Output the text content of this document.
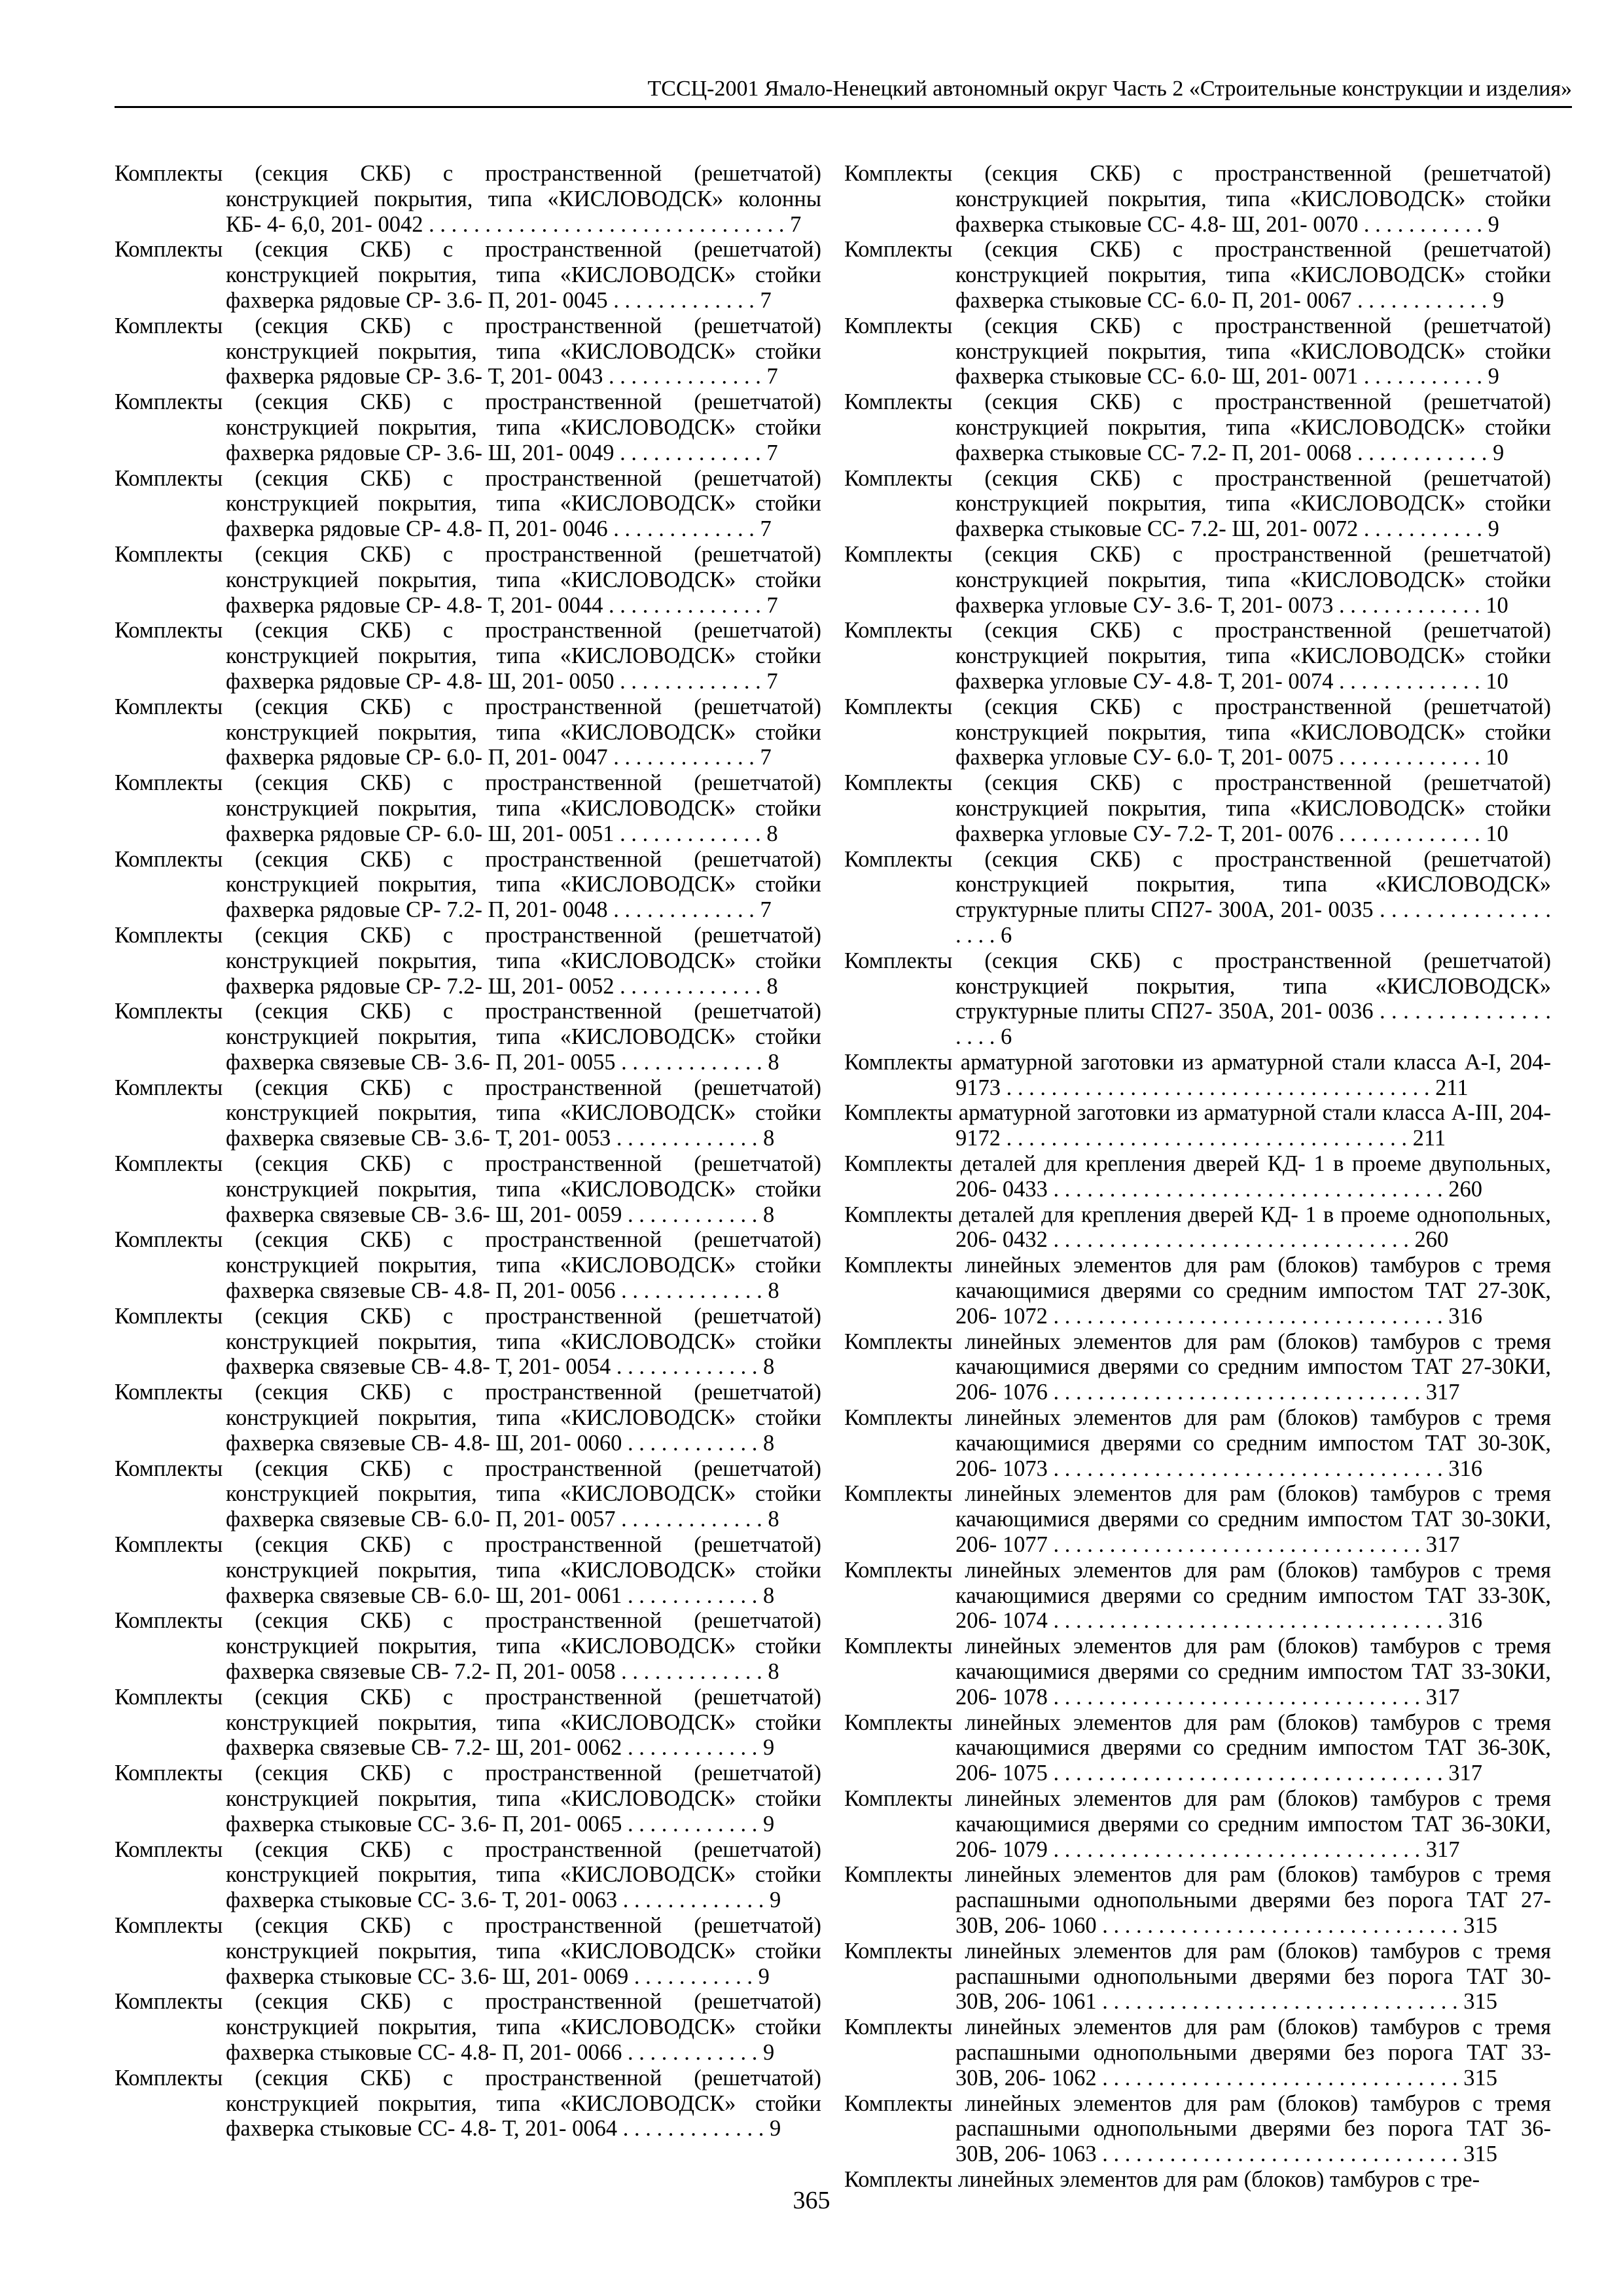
ТССЦ-2001 Ямало-Ненецкий автономный округ Часть 2 «Строительные конструкции и изделия»
Комплекты (секция СКБ) с пространственной (решетчатой) конструкцией покрытия, типа «КИСЛОВОДСК» колонны КБ- 4- 6,0, 201- 0042 . . . . . . . . . . . . . . . . . . . . . . . . . . . . . . . . 7
Комплекты (секция СКБ) с пространственной (решетчатой) конструкцией покрытия, типа «КИСЛОВОДСК» стойки фахверка рядовые СР- 3.6- П, 201- 0045 . . . . . . . . . . . . . 7
Комплекты (секция СКБ) с пространственной (решетчатой) конструкцией покрытия, типа «КИСЛОВОДСК» стойки фахверка рядовые СР- 3.6- Т, 201- 0043 . . . . . . . . . . . . . . 7
Комплекты (секция СКБ) с пространственной (решетчатой) конструкцией покрытия, типа «КИСЛОВОДСК» стойки фахверка рядовые СР- 3.6- Ш, 201- 0049 . . . . . . . . . . . . . 7
Комплекты (секция СКБ) с пространственной (решетчатой) конструкцией покрытия, типа «КИСЛОВОДСК» стойки фахверка рядовые СР- 4.8- П, 201- 0046 . . . . . . . . . . . . . 7
Комплекты (секция СКБ) с пространственной (решетчатой) конструкцией покрытия, типа «КИСЛОВОДСК» стойки фахверка рядовые СР- 4.8- Т, 201- 0044 . . . . . . . . . . . . . . 7
Комплекты (секция СКБ) с пространственной (решетчатой) конструкцией покрытия, типа «КИСЛОВОДСК» стойки фахверка рядовые СР- 4.8- Ш, 201- 0050 . . . . . . . . . . . . . 7
Комплекты (секция СКБ) с пространственной (решетчатой) конструкцией покрытия, типа «КИСЛОВОДСК» стойки фахверка рядовые СР- 6.0- П, 201- 0047 . . . . . . . . . . . . . 7
Комплекты (секция СКБ) с пространственной (решетчатой) конструкцией покрытия, типа «КИСЛОВОДСК» стойки фахверка рядовые СР- 6.0- Ш, 201- 0051 . . . . . . . . . . . . . 8
Комплекты (секция СКБ) с пространственной (решетчатой) конструкцией покрытия, типа «КИСЛОВОДСК» стойки фахверка рядовые СР- 7.2- П, 201- 0048 . . . . . . . . . . . . . 7
Комплекты (секция СКБ) с пространственной (решетчатой) конструкцией покрытия, типа «КИСЛОВОДСК» стойки фахверка рядовые СР- 7.2- Ш, 201- 0052 . . . . . . . . . . . . . 8
Комплекты (секция СКБ) с пространственной (решетчатой) конструкцией покрытия, типа «КИСЛОВОДСК» стойки фахверка связевые СВ- 3.6- П, 201- 0055 . . . . . . . . . . . . . 8
Комплекты (секция СКБ) с пространственной (решетчатой) конструкцией покрытия, типа «КИСЛОВОДСК» стойки фахверка связевые СВ- 3.6- Т, 201- 0053 . . . . . . . . . . . . . 8
Комплекты (секция СКБ) с пространственной (решетчатой) конструкцией покрытия, типа «КИСЛОВОДСК» стойки фахверка связевые СВ- 3.6- Ш, 201- 0059 . . . . . . . . . . . . 8
Комплекты (секция СКБ) с пространственной (решетчатой) конструкцией покрытия, типа «КИСЛОВОДСК» стойки фахверка связевые СВ- 4.8- П, 201- 0056 . . . . . . . . . . . . . 8
Комплекты (секция СКБ) с пространственной (решетчатой) конструкцией покрытия, типа «КИСЛОВОДСК» стойки фахверка связевые СВ- 4.8- Т, 201- 0054 . . . . . . . . . . . . . 8
Комплекты (секция СКБ) с пространственной (решетчатой) конструкцией покрытия, типа «КИСЛОВОДСК» стойки фахверка связевые СВ- 4.8- Ш, 201- 0060 . . . . . . . . . . . . 8
Комплекты (секция СКБ) с пространственной (решетчатой) конструкцией покрытия, типа «КИСЛОВОДСК» стойки фахверка связевые СВ- 6.0- П, 201- 0057 . . . . . . . . . . . . . 8
Комплекты (секция СКБ) с пространственной (решетчатой) конструкцией покрытия, типа «КИСЛОВОДСК» стойки фахверка связевые СВ- 6.0- Ш, 201- 0061 . . . . . . . . . . . . 8
Комплекты (секция СКБ) с пространственной (решетчатой) конструкцией покрытия, типа «КИСЛОВОДСК» стойки фахверка связевые СВ- 7.2- П, 201- 0058 . . . . . . . . . . . . . 8
Комплекты (секция СКБ) с пространственной (решетчатой) конструкцией покрытия, типа «КИСЛОВОДСК» стойки фахверка связевые СВ- 7.2- Ш, 201- 0062 . . . . . . . . . . . . 9
Комплекты (секция СКБ) с пространственной (решетчатой) конструкцией покрытия, типа «КИСЛОВОДСК» стойки фахверка стыковые СС- 3.6- П, 201- 0065 . . . . . . . . . . . . 9
Комплекты (секция СКБ) с пространственной (решетчатой) конструкцией покрытия, типа «КИСЛОВОДСК» стойки фахверка стыковые СС- 3.6- Т, 201- 0063 . . . . . . . . . . . . . 9
Комплекты (секция СКБ) с пространственной (решетчатой) конструкцией покрытия, типа «КИСЛОВОДСК» стойки фахверка стыковые СС- 3.6- Ш, 201- 0069 . . . . . . . . . . . 9
Комплекты (секция СКБ) с пространственной (решетчатой) конструкцией покрытия, типа «КИСЛОВОДСК» стойки фахверка стыковые СС- 4.8- П, 201- 0066 . . . . . . . . . . . . 9
Комплекты (секция СКБ) с пространственной (решетчатой) конструкцией покрытия, типа «КИСЛОВОДСК» стойки фахверка стыковые СС- 4.8- Т, 201- 0064 . . . . . . . . . . . . . 9
Комплекты (секция СКБ) с пространственной (решетчатой) конструкцией покрытия, типа «КИСЛОВОДСК» стойки фахверка стыковые СС- 4.8- Ш, 201- 0070 . . . . . . . . . . . 9
Комплекты (секция СКБ) с пространственной (решетчатой) конструкцией покрытия, типа «КИСЛОВОДСК» стойки фахверка стыковые СС- 6.0- П, 201- 0067 . . . . . . . . . . . . 9
Комплекты (секция СКБ) с пространственной (решетчатой) конструкцией покрытия, типа «КИСЛОВОДСК» стойки фахверка стыковые СС- 6.0- Ш, 201- 0071 . . . . . . . . . . . 9
Комплекты (секция СКБ) с пространственной (решетчатой) конструкцией покрытия, типа «КИСЛОВОДСК» стойки фахверка стыковые СС- 7.2- П, 201- 0068 . . . . . . . . . . . . 9
Комплекты (секция СКБ) с пространственной (решетчатой) конструкцией покрытия, типа «КИСЛОВОДСК» стойки фахверка стыковые СС- 7.2- Ш, 201- 0072 . . . . . . . . . . . 9
Комплекты (секция СКБ) с пространственной (решетчатой) конструкцией покрытия, типа «КИСЛОВОДСК» стойки фахверка угловые СУ- 3.6- Т, 201- 0073 . . . . . . . . . . . . . 10
Комплекты (секция СКБ) с пространственной (решетчатой) конструкцией покрытия, типа «КИСЛОВОДСК» стойки фахверка угловые СУ- 4.8- Т, 201- 0074 . . . . . . . . . . . . . 10
Комплекты (секция СКБ) с пространственной (решетчатой) конструкцией покрытия, типа «КИСЛОВОДСК» стойки фахверка угловые СУ- 6.0- Т, 201- 0075 . . . . . . . . . . . . . 10
Комплекты (секция СКБ) с пространственной (решетчатой) конструкцией покрытия, типа «КИСЛОВОДСК» стойки фахверка угловые СУ- 7.2- Т, 201- 0076 . . . . . . . . . . . . . 10
Комплекты (секция СКБ) с пространственной (решетчатой) конструкцией покрытия, типа «КИСЛОВОДСК» структурные плиты СП27- 300А, 201- 0035 . . . . . . . . . . . . . . . . . . . 6
Комплекты (секция СКБ) с пространственной (решетчатой) конструкцией покрытия, типа «КИСЛОВОДСК» структурные плиты СП27- 350А, 201- 0036 . . . . . . . . . . . . . . . . . . . 6
Комплекты арматурной заготовки из арматурной стали класса А-I, 204- 9173 . . . . . . . . . . . . . . . . . . . . . . . . . . . . . . . . . . . . . . 211
Комплекты арматурной заготовки из арматурной стали класса А-III, 204- 9172 . . . . . . . . . . . . . . . . . . . . . . . . . . . . . . . . . . . . 211
Комплекты деталей для крепления дверей КД- 1 в проеме двупольных, 206- 0433 . . . . . . . . . . . . . . . . . . . . . . . . . . . . . . . . . . . 260
Комплекты деталей для крепления дверей КД- 1 в проеме однопольных, 206- 0432 . . . . . . . . . . . . . . . . . . . . . . . . . . . . . . . . 260
Комплекты линейных элементов для рам (блоков) тамбуров с тремя качающимися дверями со средним импостом ТАТ 27-30К, 206- 1072 . . . . . . . . . . . . . . . . . . . . . . . . . . . . . . . . . . . 316
Комплекты линейных элементов для рам (блоков) тамбуров с тремя качающимися дверями со средним импостом ТАТ 27-30КИ, 206- 1076 . . . . . . . . . . . . . . . . . . . . . . . . . . . . . . . . . 317
Комплекты линейных элементов для рам (блоков) тамбуров с тремя качающимися дверями со средним импостом ТАТ 30-30К, 206- 1073 . . . . . . . . . . . . . . . . . . . . . . . . . . . . . . . . . . . 316
Комплекты линейных элементов для рам (блоков) тамбуров с тремя качающимися дверями со средним импостом ТАТ 30-30КИ, 206- 1077 . . . . . . . . . . . . . . . . . . . . . . . . . . . . . . . . . 317
Комплекты линейных элементов для рам (блоков) тамбуров с тремя качающимися дверями со средним импостом ТАТ 33-30К, 206- 1074 . . . . . . . . . . . . . . . . . . . . . . . . . . . . . . . . . . . 316
Комплекты линейных элементов для рам (блоков) тамбуров с тремя качающимися дверями со средним импостом ТАТ 33-30КИ, 206- 1078 . . . . . . . . . . . . . . . . . . . . . . . . . . . . . . . . . 317
Комплекты линейных элементов для рам (блоков) тамбуров с тремя качающимися дверями со средним импостом ТАТ 36-30К, 206- 1075 . . . . . . . . . . . . . . . . . . . . . . . . . . . . . . . . . . . 317
Комплекты линейных элементов для рам (блоков) тамбуров с тремя качающимися дверями со средним импостом ТАТ 36-30КИ, 206- 1079 . . . . . . . . . . . . . . . . . . . . . . . . . . . . . . . . . 317
Комплекты линейных элементов для рам (блоков) тамбуров с тремя распашными однопольными дверями без порога ТАТ 27- 30В, 206- 1060 . . . . . . . . . . . . . . . . . . . . . . . . . . . . . . . . 315
Комплекты линейных элементов для рам (блоков) тамбуров с тремя распашными однопольными дверями без порога ТАТ 30- 30В, 206- 1061 . . . . . . . . . . . . . . . . . . . . . . . . . . . . . . . . 315
Комплекты линейных элементов для рам (блоков) тамбуров с тремя распашными однопольными дверями без порога ТАТ 33- 30В, 206- 1062 . . . . . . . . . . . . . . . . . . . . . . . . . . . . . . . . 315
Комплекты линейных элементов для рам (блоков) тамбуров с тремя распашными однопольными дверями без порога ТАТ 36- 30В, 206- 1063 . . . . . . . . . . . . . . . . . . . . . . . . . . . . . . . . 315
Комплекты линейных элементов для рам (блоков) тамбуров с тре-
365
